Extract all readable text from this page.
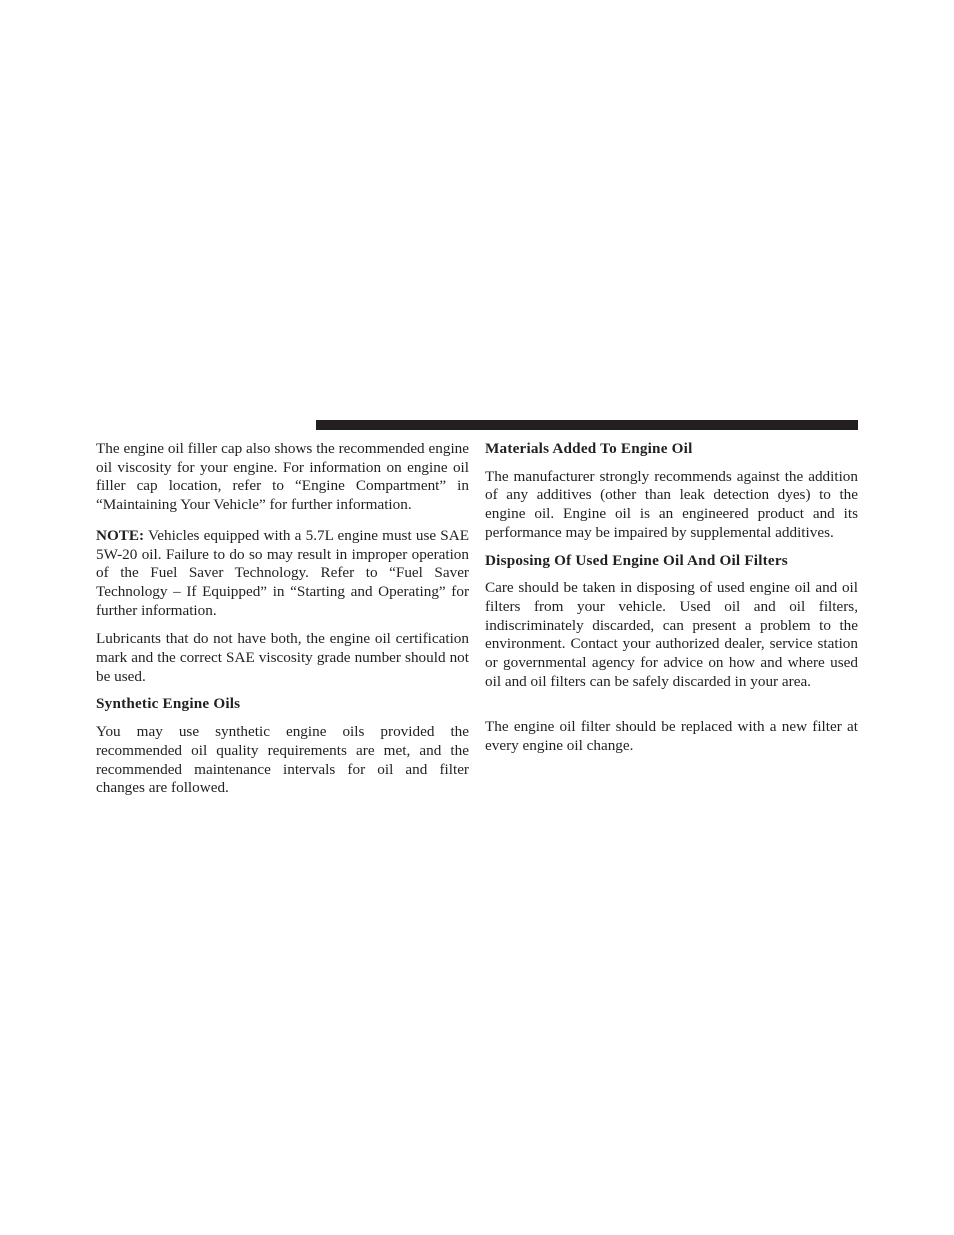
The engine oil filler cap also shows the recommended engine oil viscosity for your engine. For information on engine oil filler cap location, refer to “Engine Compartment” in “Maintaining Your Vehicle” for further information.

NOTE: Vehicles equipped with a 5.7L engine must use SAE 5W-20 oil. Failure to do so may result in improper operation of the Fuel Saver Technology. Refer to “Fuel Saver Technology – If Equipped” in “Starting and Operating” for further information.

Lubricants that do not have both, the engine oil certification mark and the correct SAE viscosity grade number should not be used.

Synthetic Engine Oils

You may use synthetic engine oils provided the recommended oil quality requirements are met, and the recommended maintenance intervals for oil and filter changes are followed.

Materials Added To Engine Oil

The manufacturer strongly recommends against the addition of any additives (other than leak detection dyes) to the engine oil. Engine oil is an engineered product and its performance may be impaired by supplemental additives.

Disposing Of Used Engine Oil And Oil Filters

Care should be taken in disposing of used engine oil and oil filters from your vehicle. Used oil and oil filters, indiscriminately discarded, can present a problem to the environment. Contact your authorized dealer, service station or governmental agency for advice on how and where used oil and oil filters can be safely discarded in your area.

The engine oil filter should be replaced with a new filter at every engine oil change.
